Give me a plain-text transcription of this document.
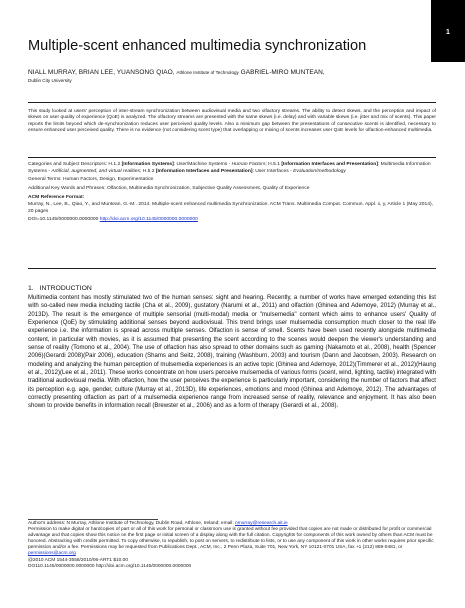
1
Multiple-scent enhanced multimedia synchronization
NIALL MURRAY, BRIAN LEE, YUANSONG QIAO, Athlone Institute of Technology GABRIEL-MIRO MUNTEAN,
Dublin City University

This study looked at users' perception of inter-stream synchronization between audiovisual media and two olfactory streams. The ability to detect skews, and the perception and impact of skews on user quality of experience (QoE) is analyzed. The olfactory streams are presented with the same skews (i.e. delay) and with variable skews (i.e. jitter and mix of scents). This paper reports the limits beyond which de-synchronization reduces user perceived quality levels. Also a minimum gap between the presentations of consecutive scents is identified, necessary to ensure enhanced user perceived quality. There is no evidence (not considering scent type) that overlapping or mixing of scents increases user QoE levels for olfaction-enhanced multimedia.

Categories and Subject Descriptors: H.1.2 [Information Systems]: User/Machine Systems - Human Factors; H.5.1 [Information Interfaces and Presentation]: Multimedia Information Systems - Artificial, augmented, and virtual realities; H.5.2 [Information Interfaces and Presentation]: User Interfaces - Evaluation/methodology

General Terms: Human Factors, Design, Experimentation

Additional Key Words and Phrases: Olfaction, Multimedia Synchronization, Subjective Quality Assessment, Quality of Experience

ACM Reference Format:

Murray, N., Lee, B., Qiao, Y., and Muntean, G.-M.. 2014. Multiple-scent enhanced multimedia Synchronization. ACM Trans. Multimedia Comput. Commun. Appl. x, y, Article 1 (May 2014), 20 pages

DOI=10.1145/0000000.0000000 http://doi.acm.org/10.1145/0000000.0000000

1. INTRODUCTION

Multimedia content has mostly stimulated two of the human senses: sight and hearing. Recently, a number of works have emerged extending this list with so-called new media including tactile (Cha et al., 2009), gustatory (Narumi et al., 2011) and olfaction (Ghinea and Ademoye, 2012) (Murray et al., 2013D). The result is the emergence of multiple sensorial (multi-modal) media or "mulsemedia" content which aims to enhance users' Quality of Experience (QoE) by stimulating additional senses beyond audiovisual. This trend brings user mulsemedia consumption much closer to the real life experience i.e. the information is spread across multiple senses. Olfaction is sense of smell. Scents have been used recently alongside multimedia content, in particular with movies, as it is assumed that presenting the scent according to the scenes would deepen the viewer's understanding and sense of reality (Tomono et al., 2004). The use of olfaction has also spread to other domains such as gaming (Nakamoto et al., 2008), health (Spencer 2006)(Gerardi 2008)(Pair 2006), education (Shams and Seitz, 2008), training (Washburn, 2003) and tourism (Dann and Jacobsen, 2003). Research on modeling and analyzing the human perception of mulsemedia experiences is an active topic (Ghinea and Ademoye, 2012)(Timmerer et al., 2012)(Haung et al., 2012)(Lee et al., 2011). These works concentrate on how users perceive mulsemedia of various forms (scent, wind, lighting, tactile) integrated with traditional audiovisual media. With olfaction, how the user perceives the experience is particularly important, considering the number of factors that affect its perception e.g. age, gender, culture (Murray et al., 2013D), life experiences, emotions and mood (Ghinea and Ademoye, 2012). The advantages of correctly presenting olfaction as part of a mulsemedia experience range from increased sense of reality, relevance and enjoyment. It has also been shown to provide benefits in information recall (Brewster et al., 2006) and as a form of therapy (Gerardi et al., 2008).

Author's address: N Murray, Athlone Institute of Technology, Dublin Road, Athlone, Ireland; email: nmurray@research.ait.ie

Permission to make digital or hardcopies of part or all of this work for personal or classroom use is granted without fee provided that copies are not made or distributed for profit or commercial advantage and that copies show this notice on the first page or initial screen of a display along with the full citation. Copyrights for components of this work owned by others than ACM must be honored. Abstracting with credits permitted. To copy otherwise, to republish, to post on servers, to redistribute to lists, or to use any component of this work in other works requires prior specific permission and/or a fee. Permissions may be requested from Publications Dept., ACM, Inc., 2 Penn Plaza, Suite 701, New York, NY 10121-0701 USA, fax +1 (212) 869-0481, or permissions@acm.org

@2010 ACM 1544-3558/2010/06-ART1 $10.00

DO110.1145/0000000.0000000 http://doi.acm.org/10.1145/0000000.0000000
